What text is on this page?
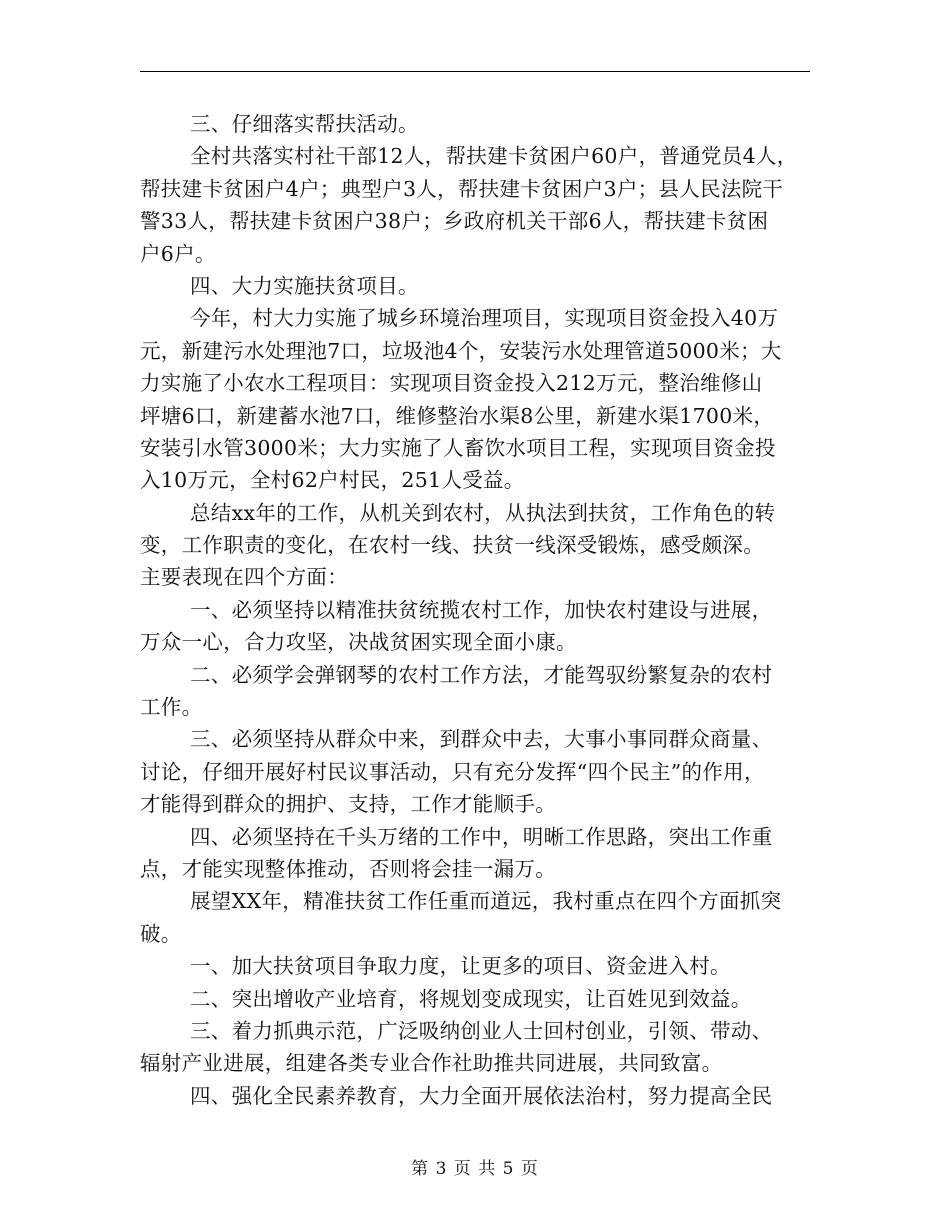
三、仔细落实帮扶活动。
全村共落实村社干部12人，帮扶建卡贫困户60户，普通党员4人，
帮扶建卡贫困户4户；典型户3人，帮扶建卡贫困户3户；县人民法院干
警33人，帮扶建卡贫困户38户；乡政府机关干部6人，帮扶建卡贫困
户6户。
四、大力实施扶贫项目。
今年，村大力实施了城乡环境治理项目，实现项目资金投入40万
元，新建污水处理池7口，垃圾池4个，安装污水处理管道5000米；大
力实施了小农水工程项目：实现项目资金投入212万元，整治维修山
坪塘6口，新建蓄水池7口，维修整治水渠8公里，新建水渠1700米，
安装引水管3000米；大力实施了人畜饮水项目工程，实现项目资金投
入10万元，全村62户村民，251人受益。
总结xx年的工作，从机关到农村，从执法到扶贫，工作角色的转
变，工作职责的变化，在农村一线、扶贫一线深受锻炼，感受颇深。
主要表现在四个方面：
一、必须坚持以精准扶贫统揽农村工作，加快农村建设与进展，
万众一心，合力攻坚，决战贫困实现全面小康。
二、必须学会弹钢琴的农村工作方法，才能驾驭纷繁复杂的农村
工作。
三、必须坚持从群众中来，到群众中去，大事小事同群众商量、
讨论，仔细开展好村民议事活动，只有充分发挥“四个民主”的作用，
才能得到群众的拥护、支持，工作才能顺手。
四、必须坚持在千头万绪的工作中，明晰工作思路，突出工作重
点，才能实现整体推动，否则将会挂一漏万。
展望XX年，精准扶贫工作任重而道远，我村重点在四个方面抓突
破。
一、加大扶贫项目争取力度，让更多的项目、资金进入村。
二、突出增收产业培育，将规划变成现实，让百姓见到效益。
三、着力抓典示范，广泛吸纳创业人士回村创业，引领、带动、
辐射产业进展，组建各类专业合作社助推共同进展，共同致富。
四、强化全民素养教育，大力全面开展依法治村，努力提高全民
第 3 页 共 5 页
